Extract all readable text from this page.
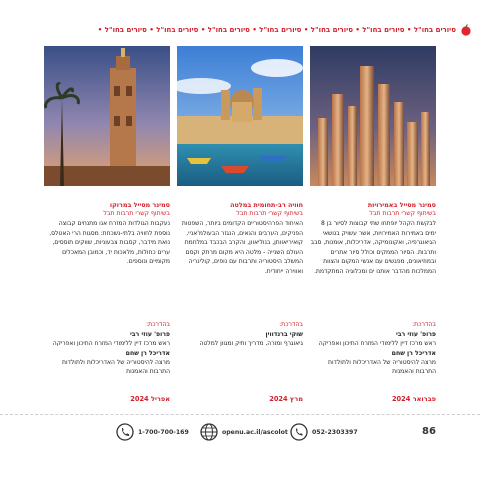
סיורים בחו"ל • סיורים בחו"ל • סיורים בחו"ל • סיורים בחו"ל • סיורים בחו"ל • סיורים בחו"ל • סיורים בחו"ל •
סמינר מסייל באמירויות
בשיתוף קשרי תרבות תבל
לבקשת הקהל יופתחו שתי קבוצות לסיור בן 8 ימים באמירות האמירויות, אשר עשויק בנושאי הגיאוגרפיה, ואקונומיקה, אדריכלות, אומנות, סבב ותרבות. הסיור הממקים וכולל סיור אתרים ובמוזיאונים, מפגשים עם אנשי המקום והצוות הממלכות מהדבר אותנו ים ומכלוגיה המתקדמת.
בהדרכת:
פרופ' עוזי רבי
ראש מרכז דיין ללימודי המזרח התיכון ואפריקה
אדריכל רן שחם
מרצה להיסטוריה של האדריכלות ולתולדות התרבות והאמנות
פברואר 2024
חוויה רב-תחומית במלטה
בשיתוף קשרי תרבות תבל
האיחוד הפרהיסטוריים הקדומים ביותר, השפטות הפניקים, הערבים והנאים, הנגזר הבעולמ'אניי, קואיריאוותן, בנוליאוון, והקרב הבכבד במלחמת העולם השנייה - מלטה היא מקום מרתק וקסם המשלב היסטוריה ותרבות עם נופים, קולינריה ואווירה ייחודית.
בהדרכת:
שוקי ברנדווין
גיאוגרף ומורה, מדריך ותיק ומגוון למלטה
מרץ 2024
סמינר מסייל במרוקו
בשיתוף קשרי תרבות תבל
נעקבות הגולדות המזרח אנו מתנחים קבוצה נוספת לחוויה בלתי-נשכחת: מסגות הרי האטלס, נואת מידבר, קסבות צבעוניות, שווקים תוססים, ערים כחולות, מלאכות יד, וכמובן המאכלים מקומיים ונוספים.
בהדרכת:
פרופ' עוזי רבי
ראש מרכז דיין ללימודי המזרח התיכון ואפריקה
אדריכל רן שחם
מרצה להיסטוריה של האדריכלות ולתולדות התרבות והאמנות
אפריל 2024
86
052-2303397
openu.ac.il/ascolot
1-700-700-169
